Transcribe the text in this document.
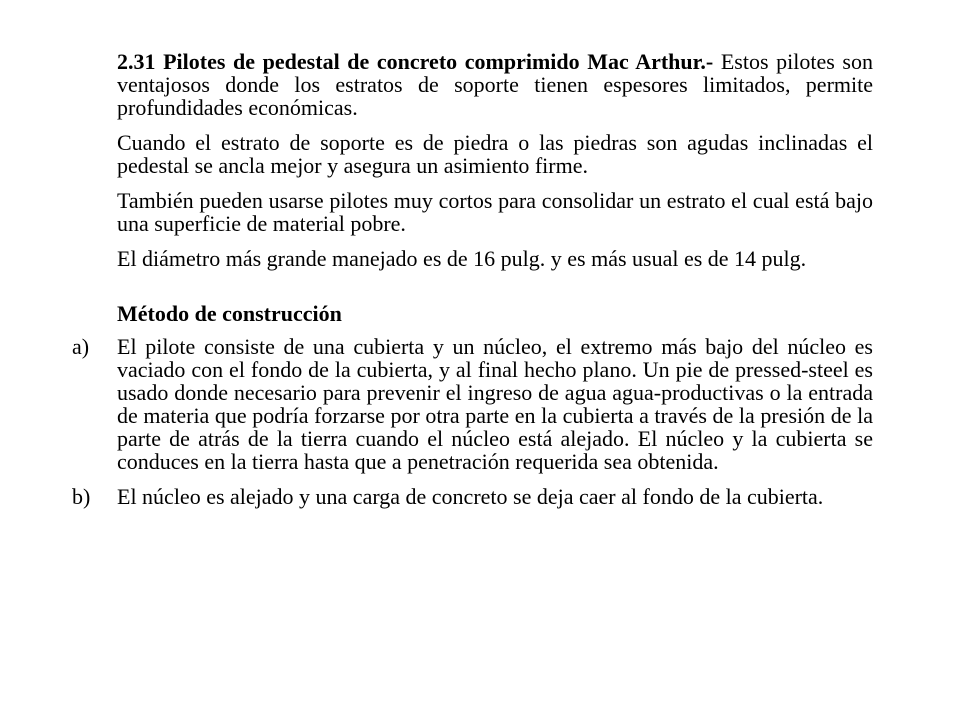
2.31 Pilotes de pedestal de concreto comprimido Mac Arthur.- Estos pilotes son ventajosos donde los estratos de soporte tienen espesores limitados, permite profundidades económicas.

Cuando el estrato de soporte es de piedra o las piedras son agudas inclinadas el pedestal se ancla mejor y asegura un asimiento firme.

También pueden usarse pilotes muy cortos para consolidar un estrato el cual está bajo una superficie de material pobre.

El diámetro más grande manejado es de 16 pulg. y es más usual es de 14 pulg.

Método de construcción

a) El pilote consiste de una cubierta y un núcleo, el extremo más bajo del núcleo es vaciado con el fondo de la cubierta, y al final hecho plano. Un pie de pressed-steel es usado donde necesario para prevenir el ingreso de agua agua-productivas o la entrada de materia que podría forzarse por otra parte en la cubierta a través de la presión de la parte de atrás de la tierra cuando el núcleo está alejado. El núcleo y la cubierta se conduces en la tierra hasta que a penetración requerida sea obtenida.

b) El núcleo es alejado y una carga de concreto se deja caer al fondo de la cubierta.
